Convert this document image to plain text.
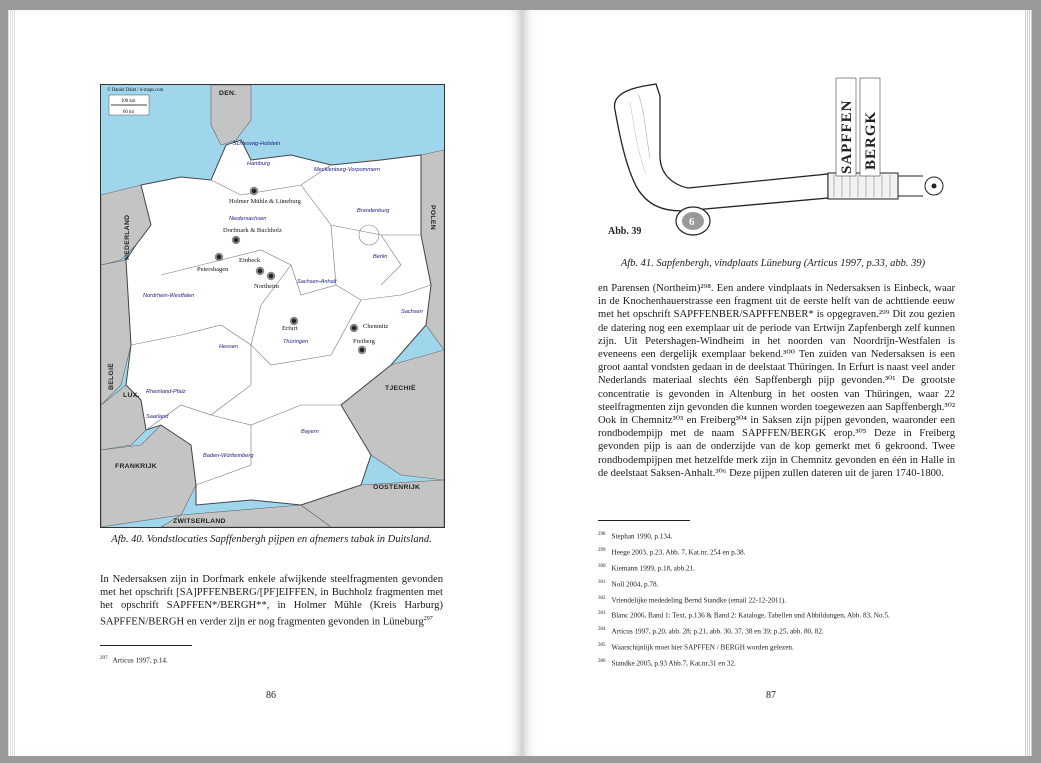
© Daniel Dalet / d-maps.com
100 km
60 mi
DEN.
NEDERLAND	POLEN
BELGIË
LUX.
FRANKRIJK
ZWITSERLAND
OOSTENRIJK
TJECHIË
Schleswig-Holstein
Hamburg
Mecklenburg-Vorpommern
Niedersachsen
Brandenburg
Berlin
Sachsen-Anhalt
Nordrhein-Westfalen
Hessen
Thüringen
Sachsen
Rheinland-Pfalz
Saarland
Bayern
Baden-Württemberg
Holmer Mühle & Lüneburg
Dorfmark & Buchholz
Einbeck
Petershagen
Northeim
Erfurt	Chemnitz
Freiberg
Afb. 40. Vondstlocaties Sapffenbergh pijpen en afnemers tabak in Duitsland.
In Nedersaksen zijn in Dorfmark enkele afwijkende steelfragmenten gevonden met het opschrift [SA]PFFENBERG/[PF]EIFFEN, in Buchholz fragmenten met het opschrift SAPFFEN*/BERGH**, in Holmer Mühle (Kreis Harburg) SAPFFEN/BERGH en verder zijn er nog fragmenten gevonden in Lüneburg$^{297}$
$^{297}$ Articus 1997, p.14.
86
SAPFFEN BERGK
6
Abb. 39
Afb. 41. Sapfenbergh, vindplaats Lüneburg (Articus 1997, p.33, abb. 39)
en Parensen (Northeim)²⁹⁸. Een andere vindplaats in Nedersaksen is Einbeck, waar in de Knochenhauerstrasse een fragment uit de eerste helft van de achttiende eeuw met het opschrift SAPFFENBER/SAPFFENBER* is opgegraven.²⁹⁹ Dit zou gezien de datering nog een exemplaar uit de periode van Ertwijn Zapfenbergh zelf kunnen zijn. Uit Petershagen-Windheim in het noorden van Noordrijn-Westfalen is eveneens een dergelijk exemplaar bekend.³⁰⁰ Ten zuiden van Nedersaksen is een groot aantal vondsten gedaan in de deelstaat Thüringen. In Erfurt is naast veel ander Nederlands materiaal slechts één Sapffenbergh pijp gevonden.³⁰¹ De grootste concentratie is gevonden in Altenburg in het oosten van Thüringen, waar 22 steelfragmenten zijn gevonden die kunnen worden toegewezen aan Sapffenbergh.³⁰² Ook in Chemnitz³⁰³ en Freiberg³⁰⁴ in Saksen zijn pijpen gevonden, waaronder een rondbodempijp met de naam SAPFFEN/BERGK erop.³⁰⁵ Deze in Freiberg gevonden pijp is aan de onderzijde van de kop gemerkt met 6 gekroond. Twee rondbodempijpen met hetzelfde merk zijn in Chemnitz gevonden en één in Halle in de deelstaat Saksen-Anhalt.³⁰⁶ Deze pijpen zullen dateren uit de jaren 1740-1800.
$^{298}$ Stephan 1990, p.134.
$^{299}$ Heege 2003, p.23, Abb. 7, Kat.nr. 254 en p.38.
$^{300}$ Kiemann 1999, p.18, abb.21.
$^{301}$ Noll 2004, p.78.
$^{302}$ Vriendelijke mededeling Bernd Standke (email 22-12-2011).
$^{303}$ Blanc 2006, Band 1: Text, p.136 & Band 2: Kataloge, Tabellen und Abbildungen, Abb. 83, No.5.
$^{304}$ Articus 1997, p.20, abb. 28; p.21, abb. 30, 37, 38 en 39; p.25, abb. 80, 82.
$^{305}$ Waarschijnlijk moet hier SAPFFEN / BERGH worden gelezen.
$^{306}$ Standke 2005, p.93 Abb.7, Kat.nr.31 en 32.
87
